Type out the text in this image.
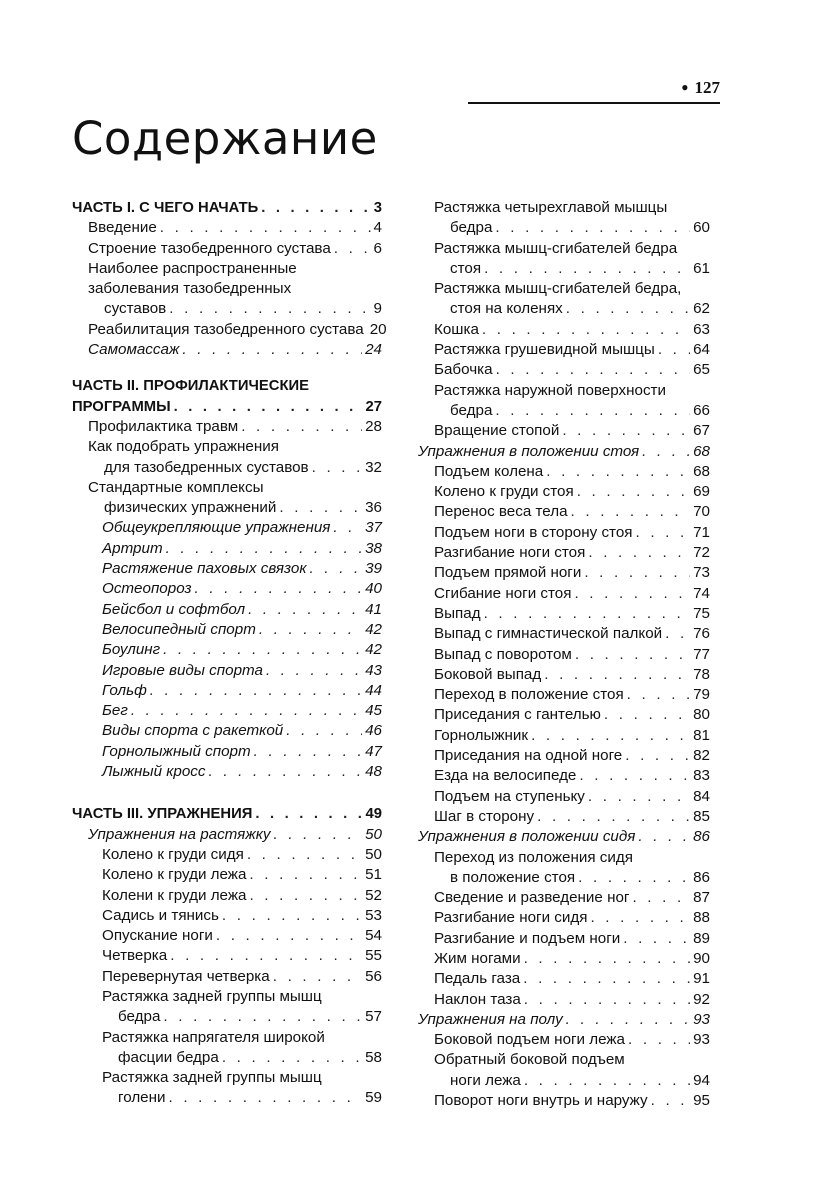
● 127
Содержание
ЧАСТЬ I. С ЧЕГО НАЧАТЬ . . .	3
Введение . . .	4
Строение тазобедренного сустава . . .	6
Наиболее распространенные
заболевания тазобедренных
суставов . . .	9
Реабилитация тазобедренного сустава 20
Самомассаж . . .	24
ЧАСТЬ II. ПРОФИЛАКТИЧЕСКИЕ
ПРОГРАММЫ . . .	27
Профилактика травм . . .	28
Как подобрать упражнения
для тазобедренных суставов . . .	32
Стандартные комплексы
физических упражнений . . .	36
Общеукрепляющие упражнения . . . 37
Артрит . . .	38
Растяжение паховых связок . . .	39
Остеопороз . . .	40
Бейсбол и софтбол . . .	41
Велосипедный спорт . . .	42
Боулинг . . .	42
Игровые виды спорта . . .	43
Гольф . . .	44
Бег . . .	45
Виды спорта с ракеткой . . .	46
Горнолыжный спорт . . .	47
Лыжный кросс . . .	48
ЧАСТЬ III. УПРАЖНЕНИЯ . . .	49
Упражнения на растяжку . . .	50
Колено к груди сидя . . .	50
Колено к груди лежа . . .	51
Колени к груди лежа . . .	52
Садись и тянись . . .	53
Опускание ноги . . .	54
Четверка . . .	55
Перевернутая четверка . . .	56
Растяжка задней группы мышц
бедра . . .	57
Растяжка напрягателя широкой
фасции бедра . . .	58
Растяжка задней группы мышц
голени . . .	59
Растяжка четырехглавой мышцы
бедра . . .	60
Растяжка мышц-сгибателей бедра
стоя . . .	61
Растяжка мышц-сгибателей бедра,
стоя на коленях . . .	62
Кошка . . .	63
Растяжка грушевидной мышцы . . .	64
Бабочка . . .	65
Растяжка наружной поверхности
бедра . . .	66
Вращение стопой . . .	67
Упражнения в положении стоя . . .	68
Подъем колена . . .	68
Колено к груди стоя . . .	69
Перенос веса тела . . .	70
Подъем ноги в сторону стоя . . .	71
Разгибание ноги стоя . . .	72
Подъем прямой ноги . . .	73
Сгибание ноги стоя . . .	74
Выпад . . .	75
Выпад с гимнастической палкой . . . 76
Выпад с поворотом . . .	77
Боковой выпад . . .	78
Переход в положение стоя . . .	79
Приседания с гантелью . . .	80
Горнолыжник . . .	81
Приседания на одной ноге . . .	82
Езда на велосипеде . . .	83
Подъем на ступеньку . . .	84
Шаг в сторону . . .	85
Упражнения в положении сидя . . .	86
Переход из положения сидя
в положение стоя . . .	86
Сведение и разведение ног . . .	87
Разгибание ноги сидя . . .	88
Разгибание и подъем ноги . . .	89
Жим ногами . . .	90
Педаль газа . . .	91
Наклон таза . . .	92
Упражнения на полу . . .	93
Боковой подъем ноги лежа . . .	93
Обратный боковой подъем
ноги лежа . . .	94
Поворот ноги внутрь и наружу . . .	95
